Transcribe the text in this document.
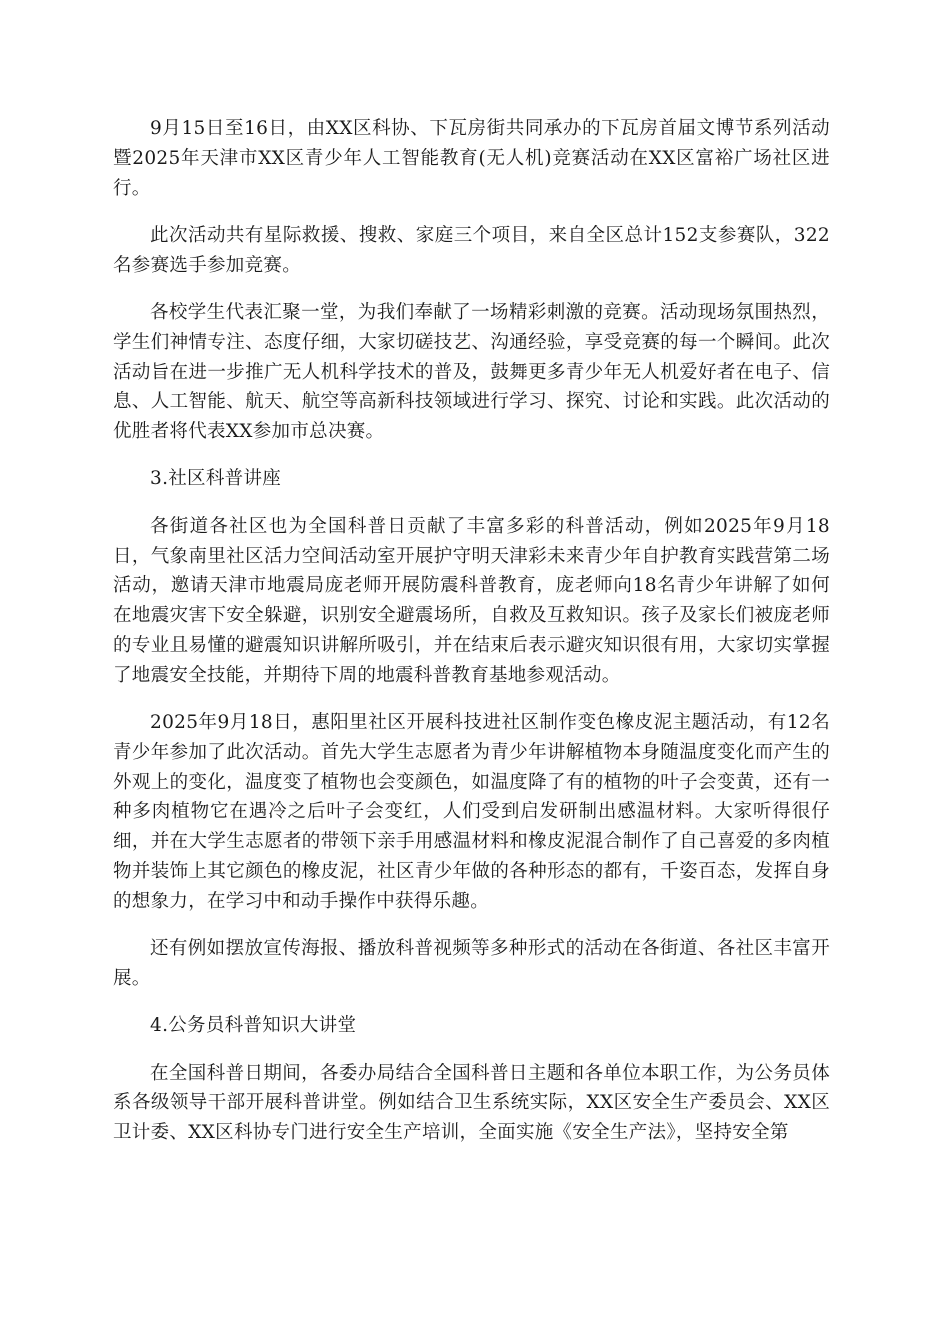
9月15日至16日，由XX区科协、下瓦房街共同承办的下瓦房首届文博节系列活动暨2025年天津市XX区青少年人工智能教育(无人机)竞赛活动在XX区富裕广场社区进行。

此次活动共有星际救援、搜救、家庭三个项目，来自全区总计152支参赛队，322名参赛选手参加竞赛。

各校学生代表汇聚一堂，为我们奉献了一场精彩刺激的竞赛。活动现场氛围热烈，学生们神情专注、态度仔细，大家切磋技艺、沟通经验，享受竞赛的每一个瞬间。此次活动旨在进一步推广无人机科学技术的普及，鼓舞更多青少年无人机爱好者在电子、信息、人工智能、航天、航空等高新科技领域进行学习、探究、讨论和实践。此次活动的优胜者将代表XX参加市总决赛。

3.社区科普讲座

各街道各社区也为全国科普日贡献了丰富多彩的科普活动，例如2025年9月18日，气象南里社区活力空间活动室开展护守明天津彩未来青少年自护教育实践营第二场活动，邀请天津市地震局庞老师开展防震科普教育，庞老师向18名青少年讲解了如何在地震灾害下安全躲避，识别安全避震场所，自救及互救知识。孩子及家长们被庞老师的专业且易懂的避震知识讲解所吸引，并在结束后表示避灾知识很有用，大家切实掌握了地震安全技能，并期待下周的地震科普教育基地参观活动。

2025年9月18日，惠阳里社区开展科技进社区制作变色橡皮泥主题活动，有12名青少年参加了此次活动。首先大学生志愿者为青少年讲解植物本身随温度变化而产生的外观上的变化，温度变了植物也会变颜色，如温度降了有的植物的叶子会变黄，还有一种多肉植物它在遇冷之后叶子会变红，人们受到启发研制出感温材料。大家听得很仔细，并在大学生志愿者的带领下亲手用感温材料和橡皮泥混合制作了自己喜爱的多肉植物并装饰上其它颜色的橡皮泥，社区青少年做的各种形态的都有，千姿百态，发挥自身的想象力，在学习中和动手操作中获得乐趣。

还有例如摆放宣传海报、播放科普视频等多种形式的活动在各街道、各社区丰富开展。

4.公务员科普知识大讲堂

在全国科普日期间，各委办局结合全国科普日主题和各单位本职工作，为公务员体系各级领导干部开展科普讲堂。例如结合卫生系统实际，XX区安全生产委员会、XX区卫计委、XX区科协专门进行安全生产培训，全面实施《安全生产法》，坚持安全第
